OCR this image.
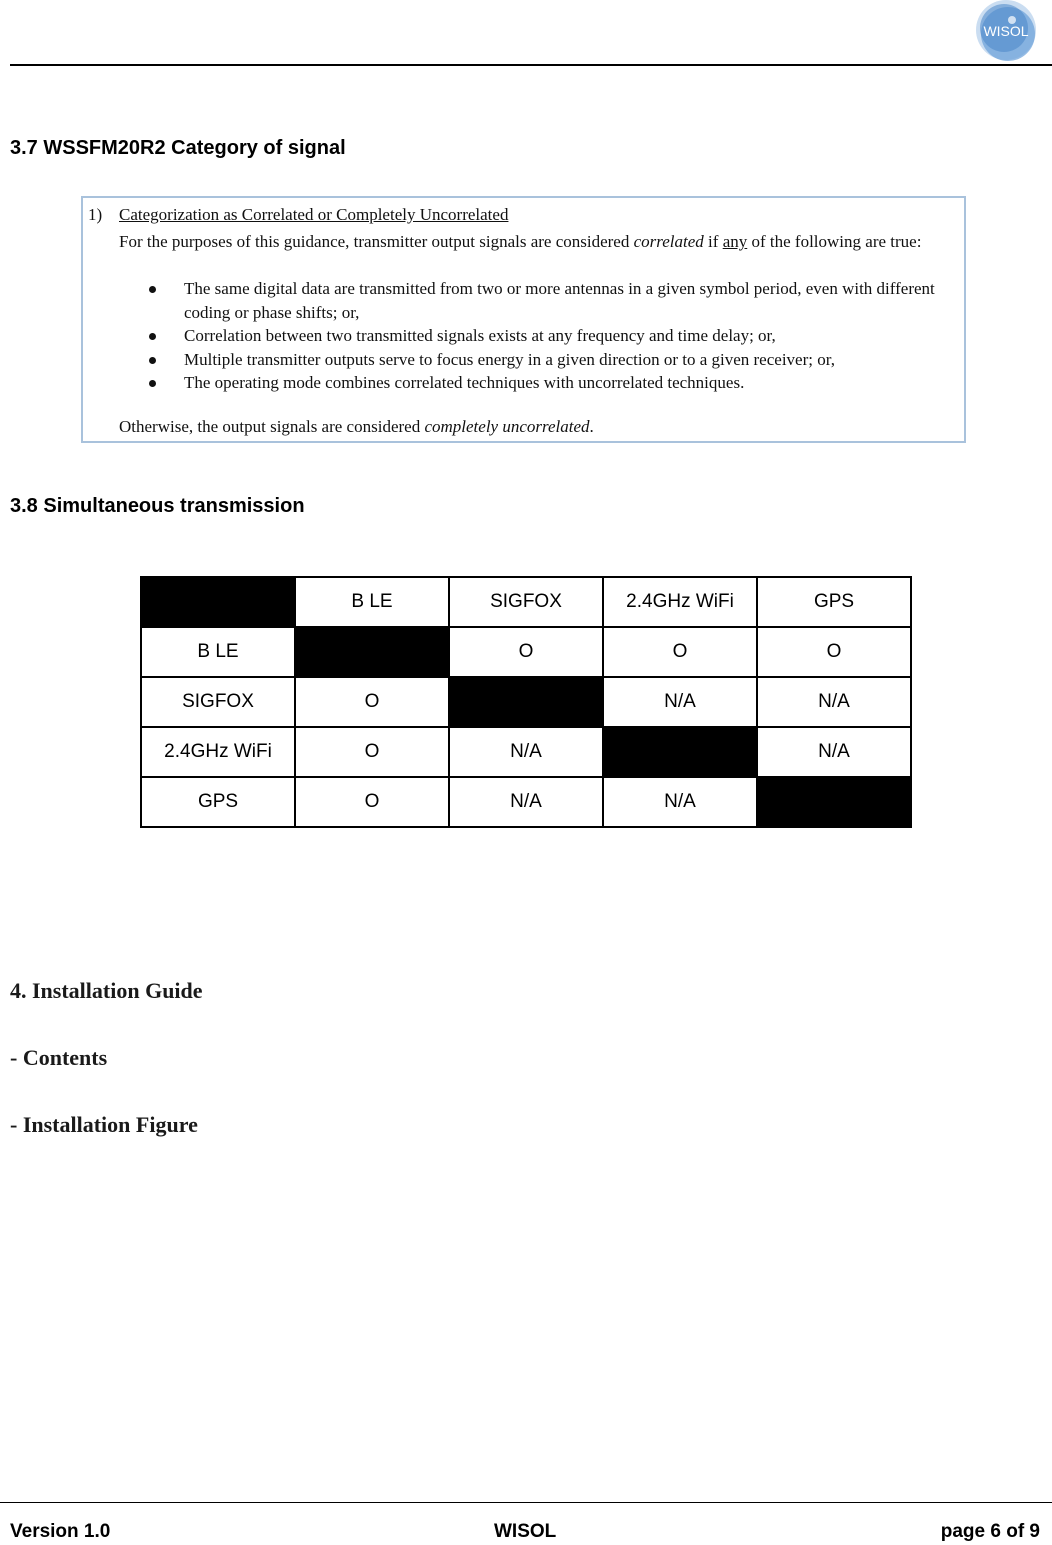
WISOL
3.7 WSSFM20R2 Category of signal
1) Categorization as Correlated or Completely Uncorrelated
For the purposes of this guidance, transmitter output signals are considered correlated if any of the following are true:
The same digital data are transmitted from two or more antennas in a given symbol period, even with different coding or phase shifts; or,
Correlation between two transmitted signals exists at any frequency and time delay; or,
Multiple transmitter outputs serve to focus energy in a given direction or to a given receiver; or,
The operating mode combines correlated techniques with uncorrelated techniques.
Otherwise, the output signals are considered completely uncorrelated.
3.8 Simultaneous transmission
	B LE	SIGFOX	2.4GHz WiFi	GPS
B LE		O	O	O
SIGFOX	O		N/A	N/A
2.4GHz WiFi	O	N/A		N/A
GPS	O	N/A	N/A	
4. Installation Guide
- Contents
- Installation Figure
Version 1.0	WISOL	page 6 of 9
